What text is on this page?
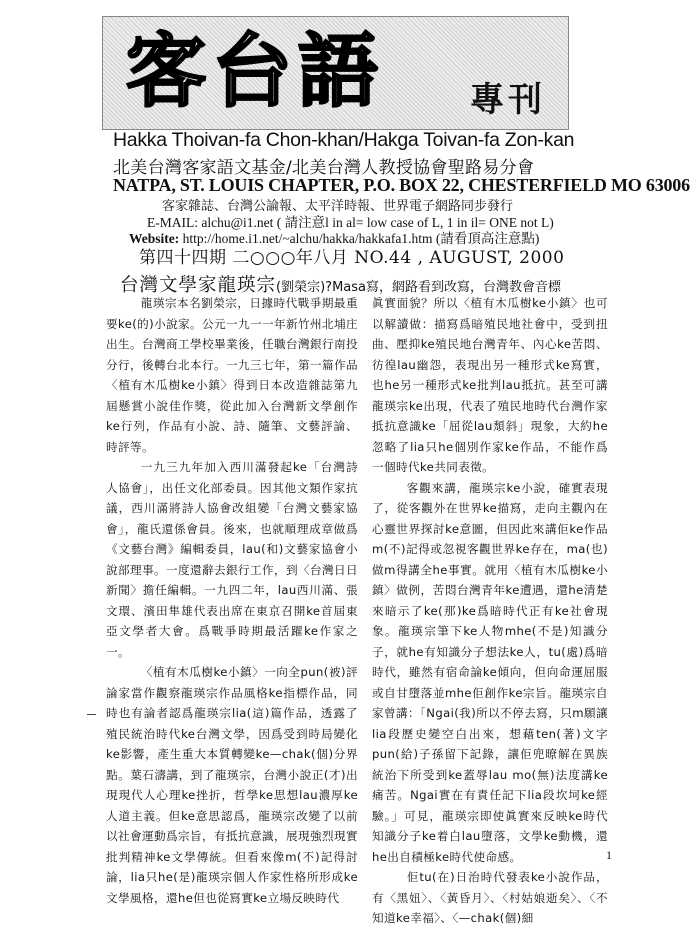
客台語	專刊
Hakka Thoivan-fa Chon-khan/Hakga Toivan-fa Zon-kan
北美台灣客家語文基金/北美台灣人教授協會聖路易分會
NATPA, ST. LOUIS CHAPTER, P.O. BOX 22, CHESTERFIELD MO 63006
客家雜誌、台灣公論報、太平洋時報、世界電子網路同步發行
E-MAIL: alchu@i1.net ( 請注意l in al= low case of L, 1 in il= ONE not L)
Website: http://home.i1.net/~alchu/hakka/hakkafa1.htm (請看頂高注意點)
第四十四期 二○○○年八月 NO.44 , AUGUST, 2000
台灣文學家龍瑛宗(劉榮宗)?Masa寫，網路看到改寫，台灣教會音標

龍瑛宗本名劉榮宗，日據時代戰爭期最重要ke(的)小說家。公元一九一一年新竹州北埔庄出生。台灣商工學校畢業後，任職台灣銀行南投分行，後轉台北本行。一九三七年，第一篇作品〈植有木瓜樹ke小鎮〉得到日本改造雜誌第九屆懸賞小說佳作獎，從此加入台灣新文學創作ke行列，作品有小說、詩、隨筆、文藝評論、時評等。

一九三九年加入西川滿發起ke「台灣詩人協會」，出任文化部委員。因其他文類作家抗議，西川滿將詩人協會改組變「台灣文藝家協會」，龍氏還係會員。後來，也就順理成章做爲《文藝台灣》編輯委員，lau(和)文藝家協會小說部理事。一度還辭去銀行工作，到〈台灣日日新聞〉擔任編輯。一九四二年，lau西川滿、張文環、濱田隼雄代表出席在東京召開ke首屆東亞文學者大會。爲戰爭時期最活躍ke作家之一。

〈植有木瓜樹ke小鎮〉一向全pun(被)評論家當作觀察龍瑛宗作品風格ke指標作品，同時也有論者認爲龍瑛宗lia(這)篇作品，透露了殖民統治時代ke台灣文學，因爲受到時局變化ke影響，產生重大本質轉變ke—chak(個)分界點。葉石濤講，到了龍瑛宗，台灣小說正(才)出現現代人心理ke挫折，哲學ke思想lau濃厚ke人道主義。但ke意思認爲，龍瑛宗改變了以前以社會運動爲宗旨，有抵抗意識，展現強烈現實批判精神ke文學傳統。但看來像m(不)記得討論，lia只he(是)龍瑛宗個人作家性格所形成ke文學風格，還he但也從寫實ke立場反映時代

眞實面貌？所以〈植有木瓜樹ke小鎮〉也可以解讀做：描寫爲暗殖民地社會中，受到扭曲、壓抑ke殖民地台灣青年、內心ke苦悶、彷徨lau幽怨，表現出另一種形式ke寫實，也he另一種形式ke批判lau抵抗。甚至可講龍瑛宗ke出現，代表了殖民地時代台灣作家抵抗意識ke「屈從lau頹斜」現象，大約he忽略了lia只he個別作家ke作品，不能作爲一個時代ke共同表徵。

客觀來講，龍瑛宗ke小說，確實表現了，從客觀外在世界ke描寫，走向主觀內在心靈世界探討ke意圖，但因此來講佢ke作品m(不)記得或忽視客觀世界ke存在，ma(也)做m得講全he事實。就用〈植有木瓜樹ke小鎮〉做例，苦悶台灣青年ke遭遇，還he清楚來暗示了ke(那)ke爲暗時代正有ke社會現象。龍瑛宗筆下ke人物mhe(不是)知識分子，就he有知識分子想法ke人，tu(處)爲暗時代，雖然有宿命論ke傾向，但向命運屈服或自甘墮落並mhe佢創作ke宗旨。龍瑛宗自家曾講：「Ngai(我)所以不停去寫，只m願讓lia段歷史變空白出來，想藉ten(著)文字pun(給)子孫留下記錄，讓佢兜暸解在異族統治下所受到ke蓋辱lau mo(無)法度講ke痛苦。Ngai實在有責任記下lia段坎坷ke經驗。」可見，龍瑛宗即使眞實來反映ke時代知識分子ke着白lau墮落，文學ke動機，還he出自積極ke時代使命感。

佢tu(在)日治時代發表ke小說作品，有〈黑妞〉、〈黃昏月〉、〈村姑娘逝矣〉、〈不知道ke幸福〉、〈—chak(個)細

1
